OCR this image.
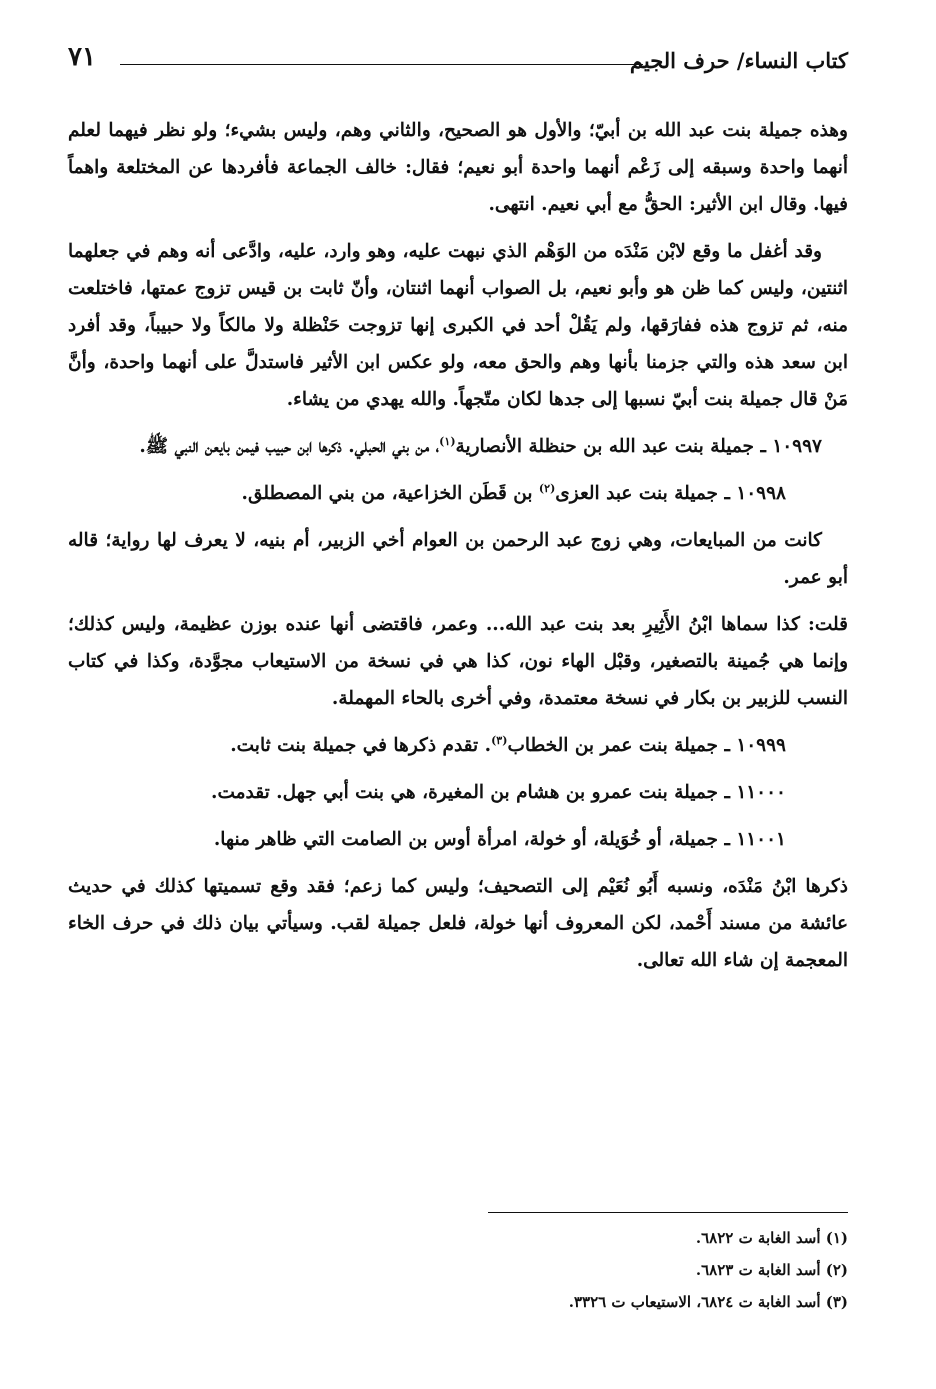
كتاب النساء/ حرف الجيم
٧١

وهذه جميلة بنت عبد الله بن أبيّ؛ والأول هو الصحيح، والثاني وهم، وليس بشيء؛ ولو نظر فيهما لعلم أنهما واحدة وسبقه إلى زَعْم أنهما واحدة أبو نعيم؛ فقال: خالف الجماعة فأفردها عن المختلعة واهماً فيها. وقال ابن الأثير: الحقُّ مع أبي نعيم. انتهى.

وقد أغفل ما وقع لابْن مَنْدَه من الوَهْم الذي نبهت عليه، وهو وارد، عليه، وادَّعى أنه وهم في جعلهما اثنتين، وليس كما ظن هو وأبو نعيم، بل الصواب أنهما اثنتان، وأنّ ثابت بن قيس تزوج عمتها، فاختلعت منه، ثم تزوج هذه ففارَقها، ولم يَقُلْ أحد في الكبرى إنها تزوجت حَنْظلة ولا مالكاً ولا حبيباً، وقد أفرد ابن سعد هذه والتي جزمنا بأنها وهم والحق معه، ولو عكس ابن الأثير فاستدلَّ على أنهما واحدة، وأنَّ مَنْ قال جميلة بنت أبيّ نسبها إلى جدها لكان متّجهاً. والله يهدي من يشاء.

١٠٩٩٧ ـ جميلة بنت عبد الله بن حنظلة الأنصارية$^{(١)}$، من بني الحبلي. ذكرها ابن حبيب فيمن بايعن النبي ﷺ.

١٠٩٩٨ ـ جميلة بنت عبد العزى$^{(٢)}$ بن قَطَن الخزاعية، من بني المصطلق.

كانت من المبايعات، وهي زوج عبد الرحمن بن العوام أخي الزبير، أم بنيه، لا يعرف لها رواية؛ قاله أبو عمر.

قلت: كذا سماها ابْنُ الأَثِيرِ بعد بنت عبد الله... وعمر، فاقتضى أنها عنده بوزن عظيمة، وليس كذلك؛ وإنما هي جُمينة بالتصغير، وقبْل الهاء نون، كذا هي في نسخة من الاستيعاب مجوَّدة، وكذا في كتاب النسب للزبير بن بكار في نسخة معتمدة، وفي أخرى بالحاء المهملة.

١٠٩٩٩ ـ جميلة بنت عمر بن الخطاب$^{(٣)}$. تقدم ذكرها في جميلة بنت ثابت.

١١٠٠٠ ـ جميلة بنت عمرو بن هشام بن المغيرة، هي بنت أبي جهل. تقدمت.

١١٠٠١ ـ جميلة، أو خُوَيلة، أو خولة، امرأة أوس بن الصامت التي ظاهر منها.

ذكرها ابْنُ مَنْدَه، ونسبه أَبُو نُعَيْم إلى التصحيف؛ وليس كما زعم؛ فقد وقع تسميتها كذلك في حديث عائشة من مسند أَحْمد، لكن المعروف أنها خولة، فلعل جميلة لقب. وسيأتي بيان ذلك في حرف الخاء المعجمة إن شاء الله تعالى.

(١) أسد الغابة ت ٦٨٢٢.

(٢) أسد الغابة ت ٦٨٢٣.

(٣) أسد الغابة ت ٦٨٢٤، الاستيعاب ت ٣٣٢٦.
